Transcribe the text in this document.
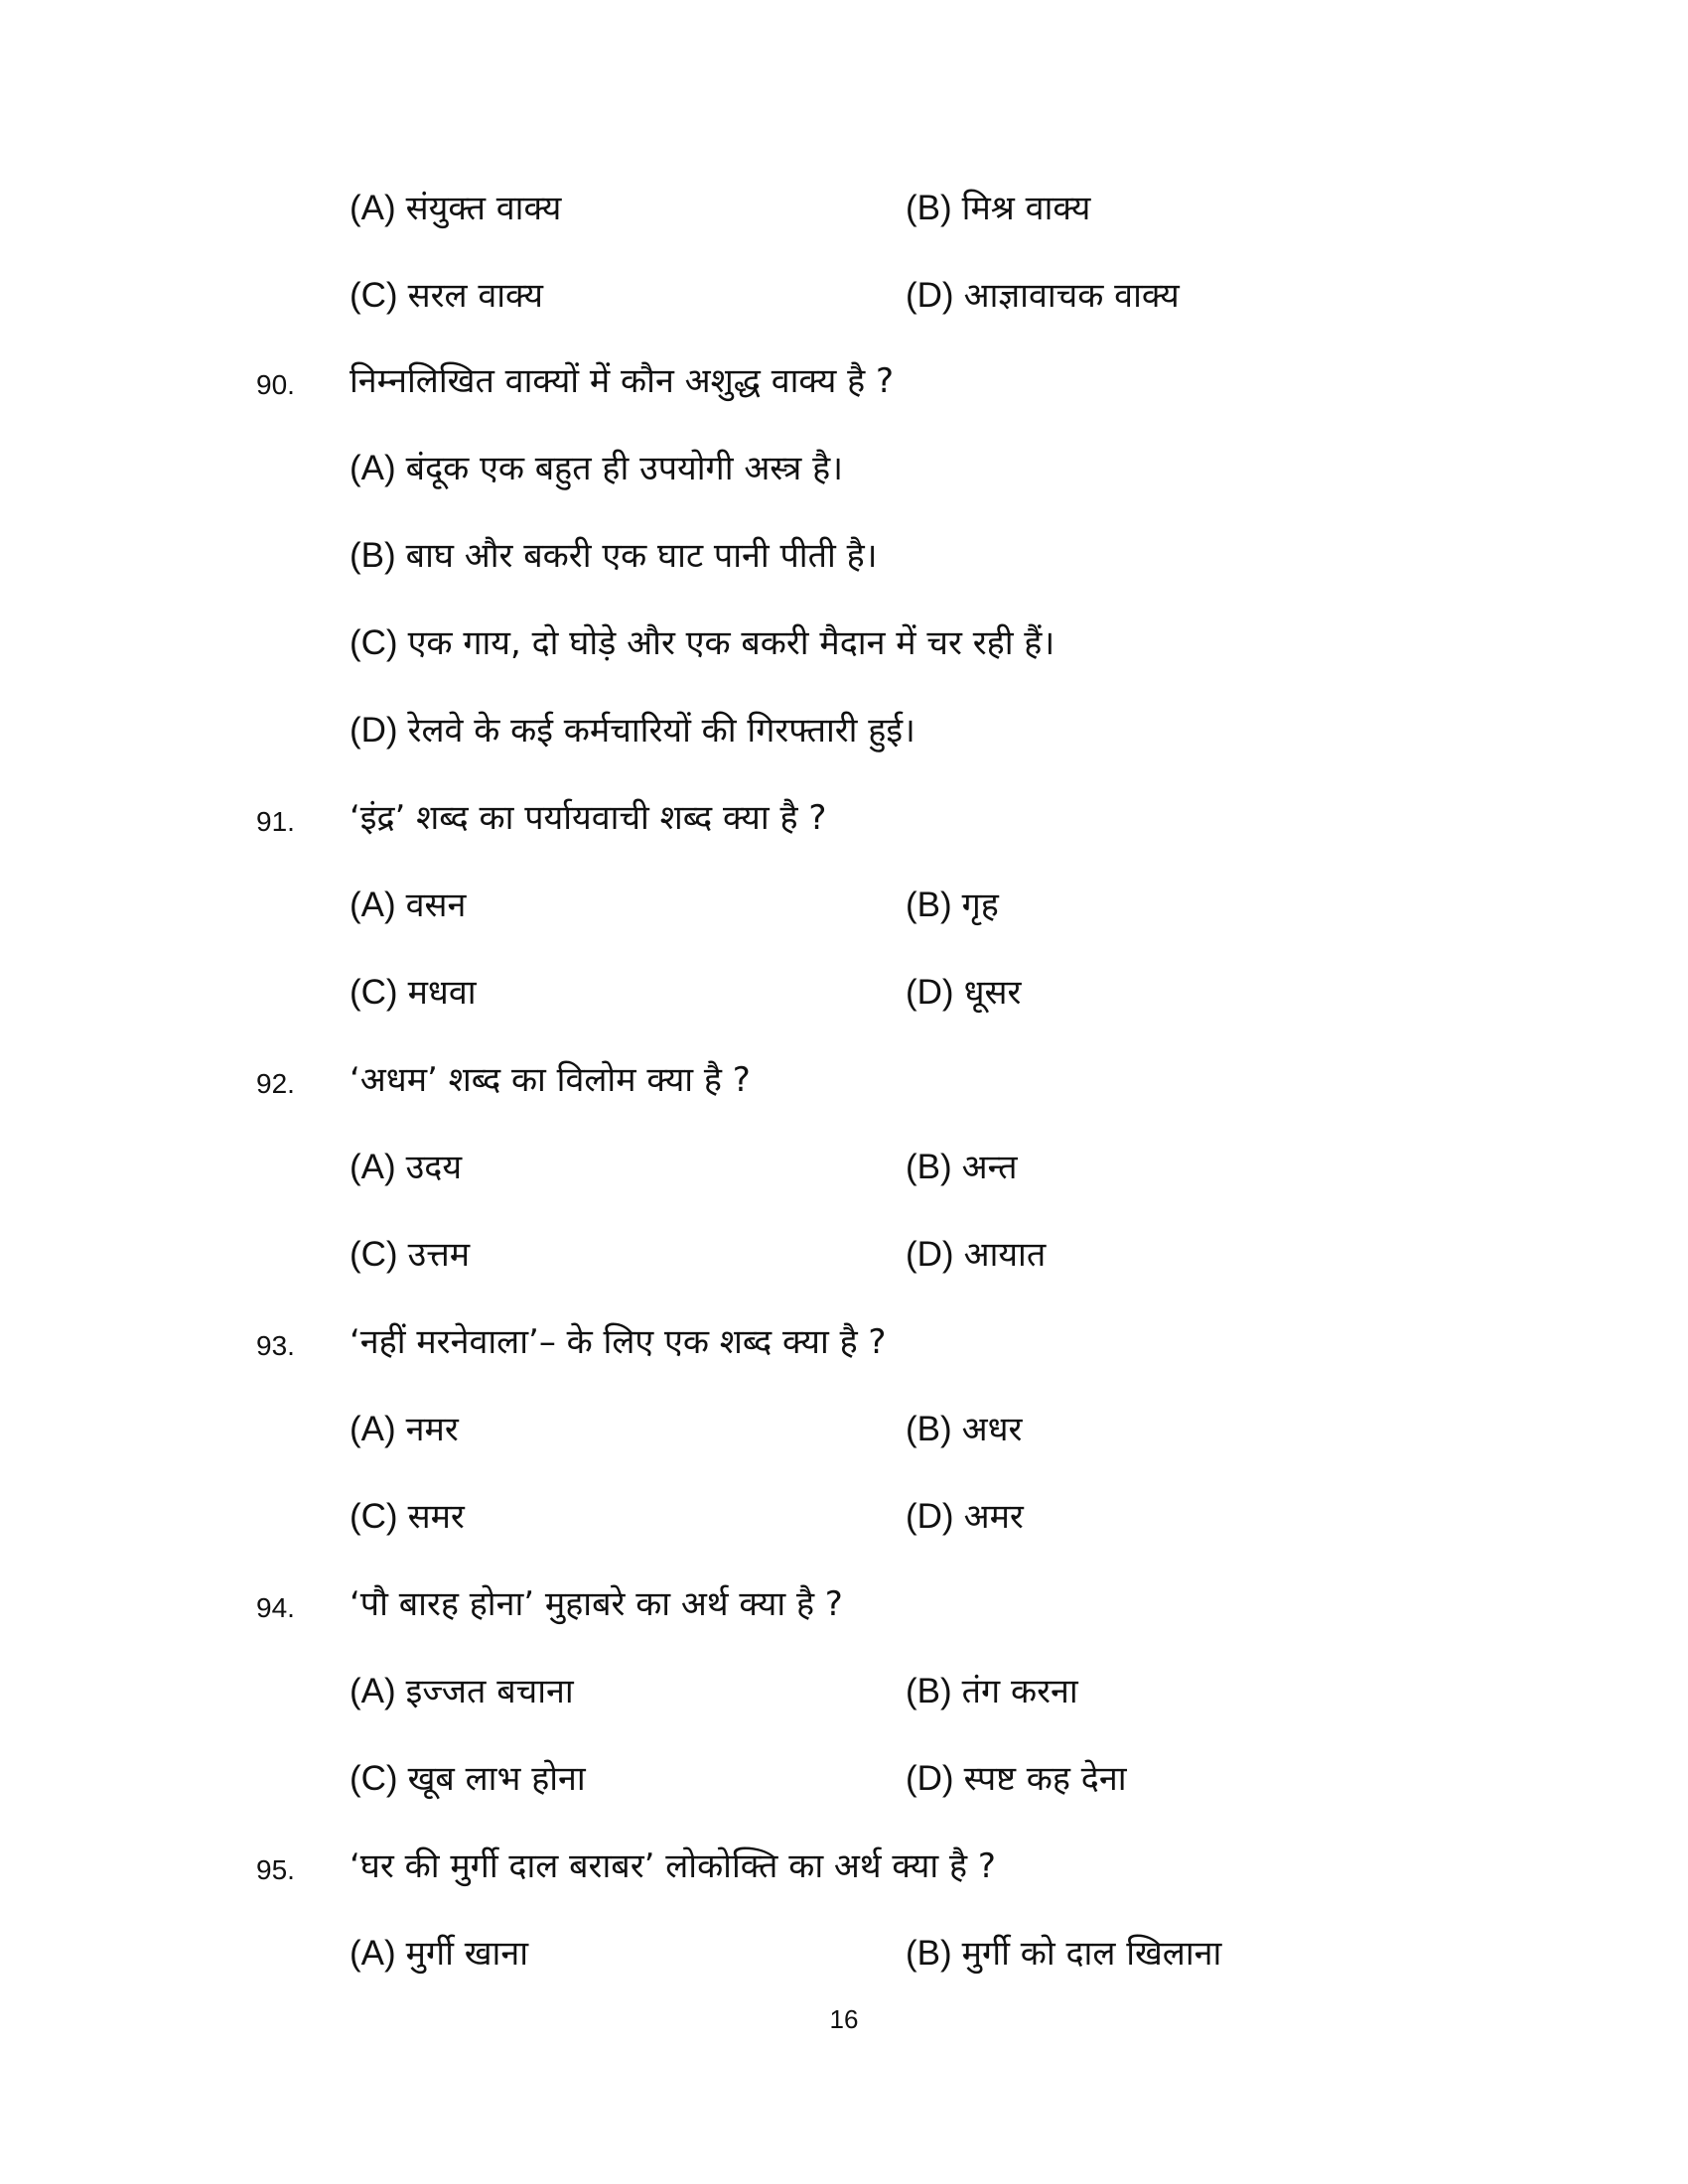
(A) संयुक्त वाक्य	(B) मिश्र वाक्य
(C) सरल वाक्य	(D) आज्ञावाचक वाक्य
90. निम्नलिखित वाक्यों में कौन अशुद्ध वाक्य है ?
(A) बंदूक एक बहुत ही उपयोगी अस्त्र है।
(B) बाघ और बकरी एक घाट पानी पीती है।
(C) एक गाय, दो घोड़े और एक बकरी मैदान में चर रही हैं।
(D) रेलवे के कई कर्मचारियों की गिरफ्तारी हुई।
91. ‘इंद्र’ शब्द का पर्यायवाची शब्द क्या है ?
(A) वसन	(B) गृह
(C) मधवा	(D) धूसर
92. ‘अधम’ शब्द का विलोम क्या है ?
(A) उदय	(B) अन्त
(C) उत्तम	(D) आयात
93. ‘नहीं मरनेवाला’– के लिए एक शब्द क्या है ?
(A) नमर	(B) अधर
(C) समर	(D) अमर
94. ‘पौ बारह होना’ मुहाबरे का अर्थ क्या है ?
(A) इज्जत बचाना	(B) तंग करना
(C) खूब लाभ होना	(D) स्पष्ट कह देना
95. ‘घर की मुर्गी दाल बराबर’ लोकोक्ति का अर्थ क्या है ?
(A) मुर्गी खाना	(B) मुर्गी को दाल खिलाना
16
